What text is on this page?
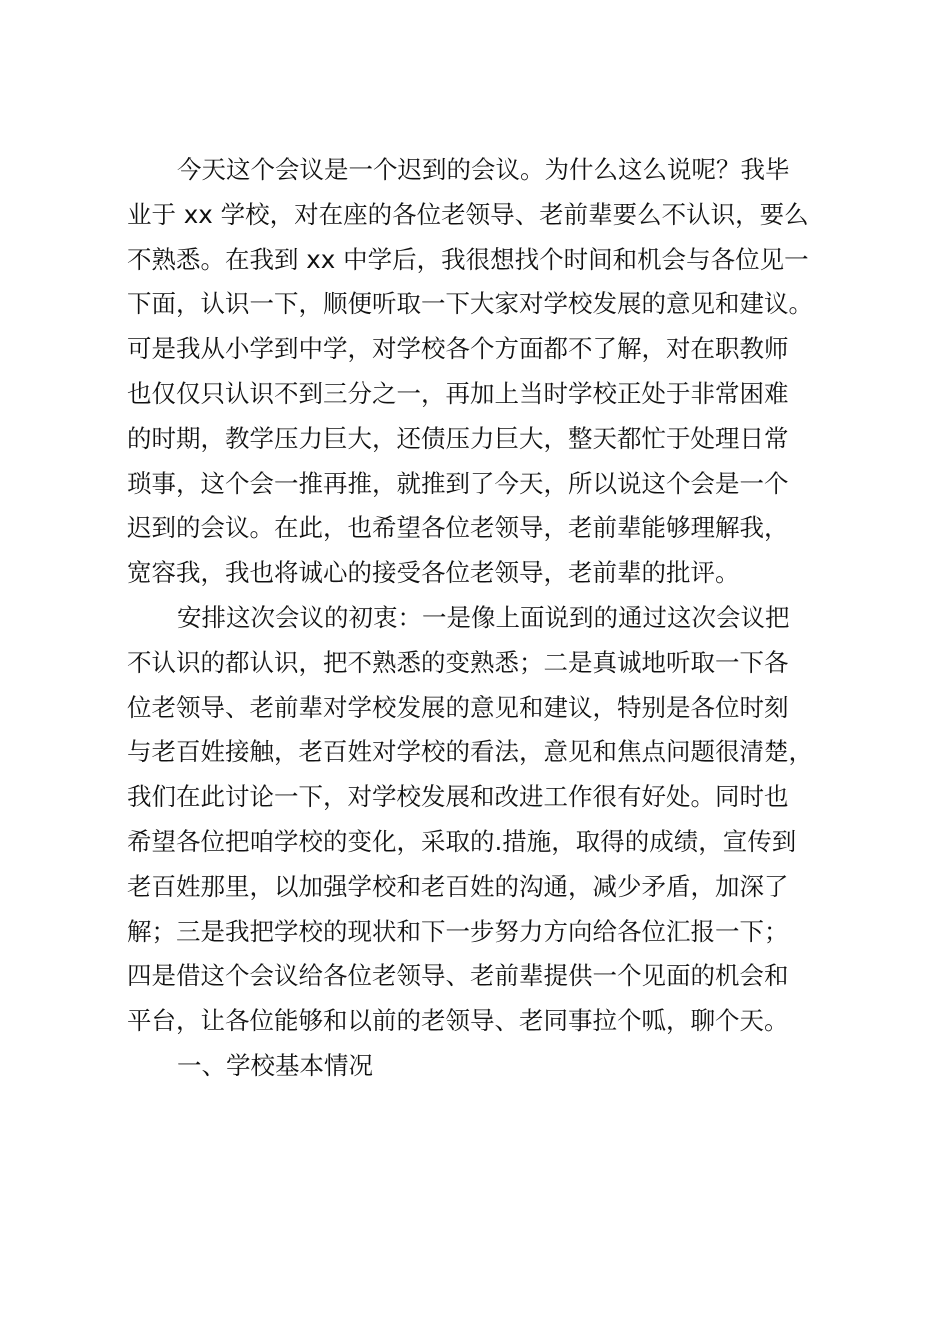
今天这个会议是一个迟到的会议。为什么这么说呢？我毕
业于 xx 学校，对在座的各位老领导、老前辈要么不认识，要么
不熟悉。在我到 xx 中学后，我很想找个时间和机会与各位见一
下面，认识一下，顺便听取一下大家对学校发展的意见和建议。
可是我从小学到中学，对学校各个方面都不了解，对在职教师
也仅仅只认识不到三分之一，再加上当时学校正处于非常困难
的时期，教学压力巨大，还债压力巨大，整天都忙于处理日常
琐事，这个会一推再推，就推到了今天，所以说这个会是一个
迟到的会议。在此，也希望各位老领导，老前辈能够理解我，
宽容我，我也将诚心的接受各位老领导，老前辈的批评。
安排这次会议的初衷：一是像上面说到的通过这次会议把
不认识的都认识，把不熟悉的变熟悉；二是真诚地听取一下各
位老领导、老前辈对学校发展的意见和建议，特别是各位时刻
与老百姓接触，老百姓对学校的看法，意见和焦点问题很清楚，
我们在此讨论一下，对学校发展和改进工作很有好处。同时也
希望各位把咱学校的变化，采取的.措施，取得的成绩，宣传到
老百姓那里，以加强学校和老百姓的沟通，减少矛盾，加深了
解；三是我把学校的现状和下一步努力方向给各位汇报一下；
四是借这个会议给各位老领导、老前辈提供一个见面的机会和
平台，让各位能够和以前的老领导、老同事拉个呱，聊个天。
一、学校基本情况
